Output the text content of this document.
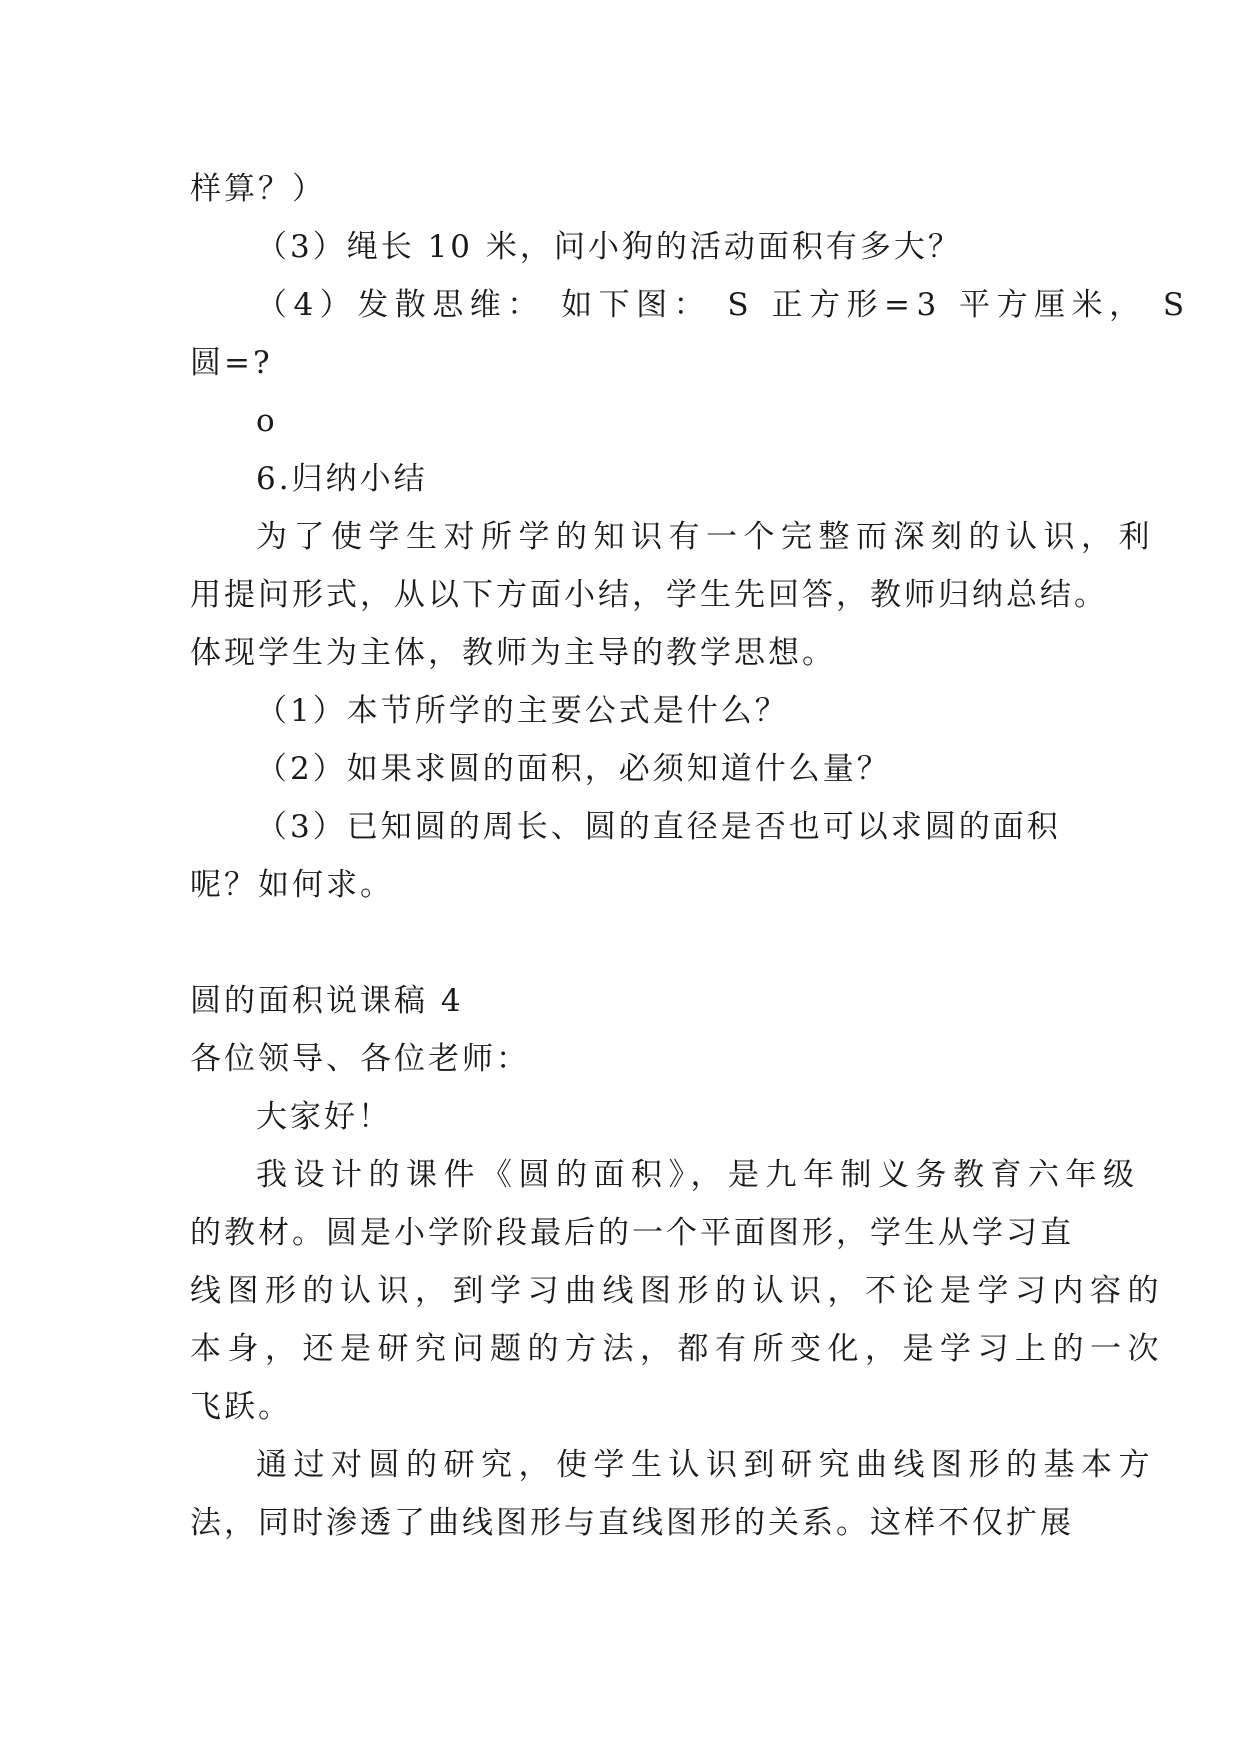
样算？）
（3）绳长 10 米，问小狗的活动面积有多大？
（4）发散思维： 如下图： S 正方形=3 平方厘米， S
圆=?
o
6.归纳小结
为了使学生对所学的知识有一个完整而深刻的认识，利
用提问形式，从以下方面小结，学生先回答，教师归纳总结。
体现学生为主体，教师为主导的教学思想。
（1）本节所学的主要公式是什么？
（2）如果求圆的面积，必须知道什么量？
（3）已知圆的周长、圆的直径是否也可以求圆的面积
呢？如何求。
圆的面积说课稿 4
各位领导、各位老师：
大家好！
我设计的课件《圆的面积》，是九年制义务教育六年级
的教材。圆是小学阶段最后的一个平面图形，学生从学习直
线图形的认识，到学习曲线图形的认识，不论是学习内容的
本身，还是研究问题的方法，都有所变化，是学习上的一次
飞跃。
通过对圆的研究，使学生认识到研究曲线图形的基本方
法，同时渗透了曲线图形与直线图形的关系。这样不仅扩展
